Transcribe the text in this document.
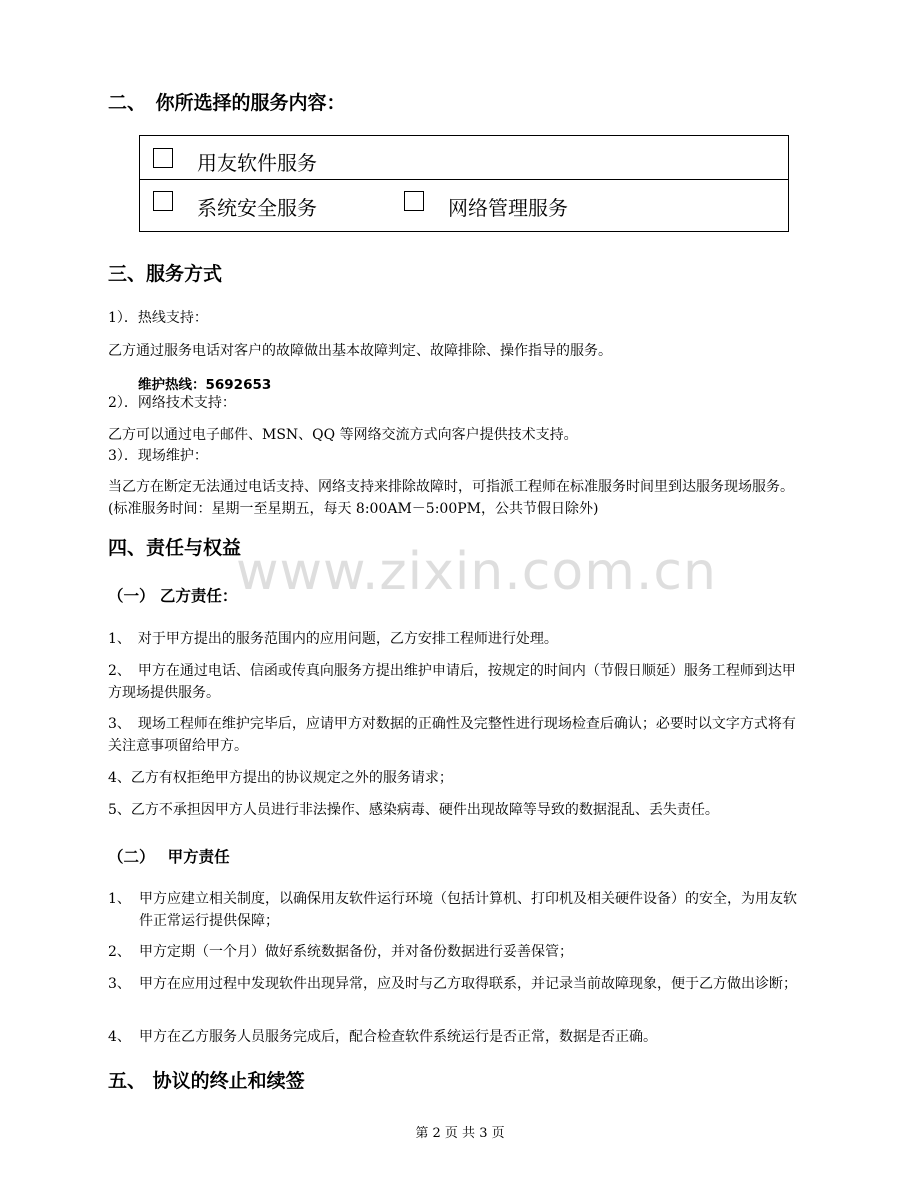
二、　你所选择的服务内容：
用友软件服务
系统安全服务	网络管理服务
三、服务方式
1）．热线支持：
乙方通过服务电话对客户的故障做出基本故障判定、故障排除、操作指导的服务。
维护热线：5692653
2）．网络技术支持：
乙方可以通过电子邮件、MSN、QQ 等网络交流方式向客户提供技术支持。
3）．现场维护：
当乙方在断定无法通过电话支持、网络支持来排除故障时，可指派工程师在标准服务时间里到达服务现场服务。(标准服务时间：星期一至星期五，每天 8:00AM－5:00PM，公共节假日除外)
www.zixin.com.cn
四、责任与权益
（一） 乙方责任：
1、　对于甲方提出的服务范围内的应用问题，乙方安排工程师进行处理。
2、　甲方在通过电话、信函或传真向服务方提出维护申请后，按规定的时间内（节假日顺延）服务工程师到达甲方现场提供服务。
3、　现场工程师在维护完毕后，应请甲方对数据的正确性及完整性进行现场检查后确认；必要时以文字方式将有关注意事项留给甲方。
4、乙方有权拒绝甲方提出的协议规定之外的服务请求；
5、乙方不承担因甲方人员进行非法操作、感染病毒、硬件出现故障等导致的数据混乱、丢失责任。
（二）　 甲方责任
1、 甲方应建立相关制度，以确保用友软件运行环境（包括计算机、打印机及相关硬件设备）的安全，为用友软件正常运行提供保障；
2、 甲方定期（一个月）做好系统数据备份，并对备份数据进行妥善保管；
3、 甲方在应用过程中发现软件出现异常，应及时与乙方取得联系，并记录当前故障现象，便于乙方做出诊断；
4、 甲方在乙方服务人员服务完成后，配合检查软件系统运行是否正常，数据是否正确。
五、 协议的终止和续签
第 2 页 共 3 页
